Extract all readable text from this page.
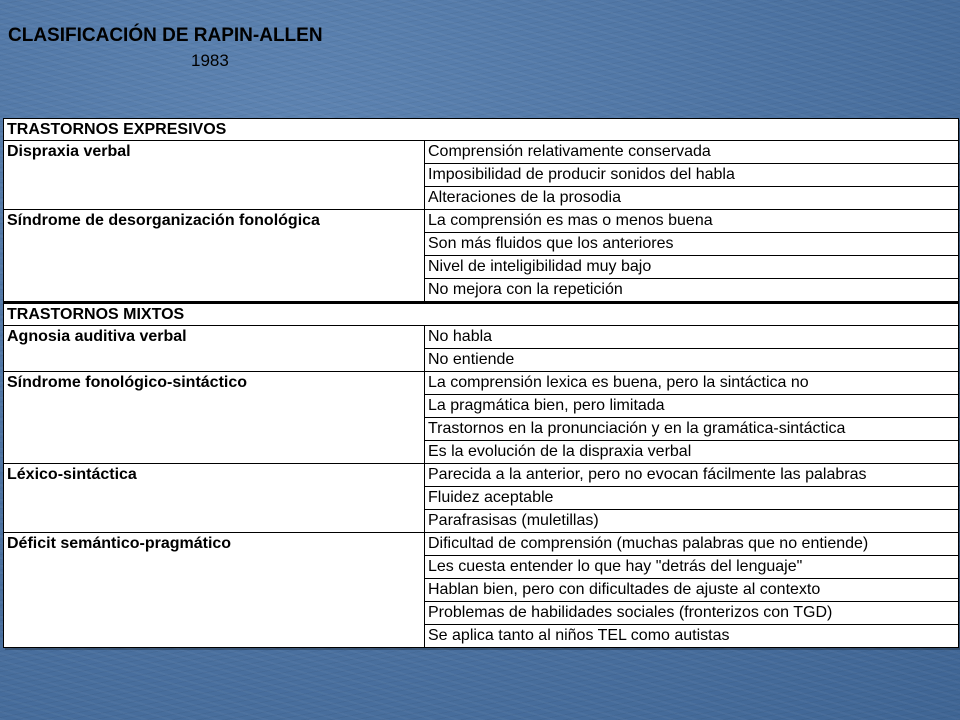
CLASIFICACIÓN DE RAPIN-ALLEN
1983
TRASTORNOS EXPRESIVOS	
Dispraxia verbal	Comprensión relativamente conservada
	Imposibilidad de producir sonidos del habla
	Alteraciones de la prosodia
Síndrome de desorganización fonológica	La comprensión es mas o menos buena
	Son más fluidos que los anteriores
	Nivel de inteligibilidad muy bajo
	No mejora con la repetición
TRASTORNOS MIXTOS	
Agnosia auditiva verbal	No habla
	No entiende
Síndrome fonológico-sintáctico	La comprensión lexica es buena, pero la sintáctica no
	La pragmática bien, pero limitada
	Trastornos en la pronunciación y en la gramática-sintáctica
	Es la evolución de la dispraxia verbal
Léxico-sintáctica	Parecida a la anterior, pero no evocan fácilmente las palabras
	Fluidez aceptable
	Parafrasisas (muletillas)
Déficit semántico-pragmático	Dificultad de comprensión (muchas palabras que no entiende)
	Les cuesta entender lo que hay "detrás del lenguaje"
	Hablan bien, pero con dificultades de ajuste al contexto
	Problemas de habilidades sociales (fronterizos con TGD)
	Se aplica tanto al niños TEL como autistas
